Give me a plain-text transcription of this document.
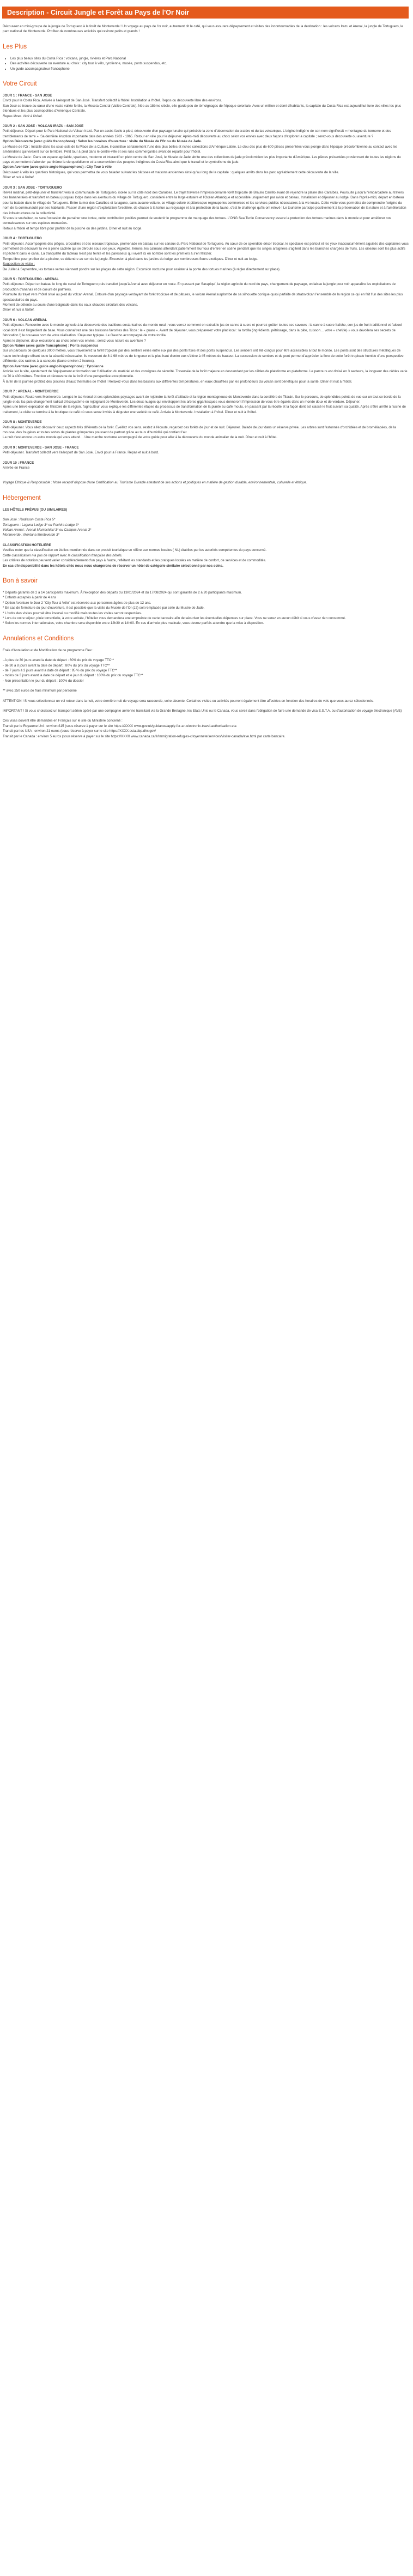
Description - Circuit Jungle et Forêt au Pays de l'Or Noir

Découvrez en mini-groupe de la jungle de Tortuguero à la forêt de Monteverde ! Un voyage au pays de l'or noir, autrement dit le café, qui vous assurera dépaysement et visites des incontournables de la destination : les volcans Irazu et Arenal, la jungle de Tortuguero, le parc national de Monteverde. Profitez de nombreuses activités qui raviront petits et grands !

Les Plus
• Les plus beaux sites du Costa Rica : volcans, jungle, rivières et Parc National
• Des activités découverte ou aventure au choix : city tour à vélo, tyrolienne, musée, ponts suspendus, etc.
• Un guide accompagnateur francophone
Votre Circuit

JOUR 1 : FRANCE - SAN JOSE

Envol pour le Costa Rica. Arrivée à l'aéroport de San José. Transfert collectif à l'hôtel. Installation à l'hôtel. Repos ou découverte libre des environs.

San José se trouve au cœur d'une vaste vallée fertile, la Meseta Central (Vallée Centrale). Née au 18ème siècle, elle garde peu de témoignages de l'époque coloniale. Avec un million et demi d'habitants, la capitale du Costa Rica est aujourd'hui l'une des villes les plus étendues et les plus cosmopolites d'Amérique Centrale.

Repas libres. Nuit à l'hôtel.

JOUR 2 : SAN JOSE - VOLCAN IRAZU - SAN JOSE

Petit déjeuner. Départ pour le Parc National du Volcan Irazú. Par un accès facile à pied, découverte d'un paysage lunaire qui précède la zone d'observation du cratère et du lac volcanique. L'origine indigène de son nom signifierait « montagne du tonnerre et des tremblements de terre ». Sa dernière éruption importante date des années 1963 - 1965. Retour en ville pour le déjeuner. Après-midi découverte au choix selon vos envies avec deux façons d'explorer la capitale ; serez-vous découverte ou aventure ?

Option Découverte (avec guide francophone) : Selon les horaires d'ouverture : visite du Musée de l'Or ou du Musée de Jade.

Le Musée de l'Or : Installé dans les sous-sols de la Place de la Culture, il constitue certainement l'une des plus belles et riches collections d'Amérique Latine. Le clou des plus de 600 pièces présentées vous plonge dans l'époque précolombienne au contact avec les amérindiens qui vivaient sur ce territoire. Petit tour à pied dans le centre-ville et ses rues commerçantes avant de repartir pour l'hôtel.

Le Musée de Jade : Dans un espace agréable, spacieux, moderne et interactif en plein centre de San José, le Musée de Jade abrite une des collections de jade précolombien les plus importante d'Amérique. Les pièces présentées proviennent de toutes les régions du pays et permettent d'aborder par thème la vie quotidienne et la cosmovision des peuples indigènes du Costa Rica ainsi que le travail et le symbolisme du jade.

Option Aventure (avec guide anglo-hispanophone) : City Tour à vélo

Découvrez à vélo les quartiers historiques, qui vous permettra de vous balader suivant les bâtisses et maisons anciennes ainsi qu'au long de la capitale : quelques arrêts dans les parc agréablement cette découverte de la ville.

Dîner et nuit à l'hôtel.

JOUR 3 : SAN JOSE - TORTUGUERO

Réveil matinal, petit-déjeuner et transfert vers la communauté de Tortuguero, isolée sur la côte nord des Caraïbes. Le trajet traverse l'impressionnante forêt tropicale de Braulio Carrillo avant de rejoindre la plaine des Caraïbes. Poursuite jusqu'à l'embarcadère au travers des bananeraies et transfert en bateau jusqu'au lodge dans les alentours du village de Tortuguero, considéré entre la large estuaire et l'Océan Atlantique et accessible uniquement par avion et bateau. Installation et déjeuner au lodge. Dans l'après-midi, départ en bateau pour la balade dans le village de Tortuguero. Entre la mer des Caraïbes et la lagune, sans aucune voiture, ce village coloré et pittoresque regroupe les commerces et les services publics nécessaires à la vie locale. Cette visite vous permettra de comprendre l'origine du nom de la communauté par ses habitants. Passer d'une région d'exploitation forestière, de chasse à la tortue au recyclage et à la protection de la faune, c'est le challenge qu'ils ont relevé ! Le tourisme participe positivement à la préservation de la nature et à l'amélioration des infrastructures de la collectivité.

Si vous le souhaitez, ce sera l'occasion de parrainer une tortue, cette contribution positive permet de soutenir le programme de marquage des tortues. L'ONG Sea Turtle Conservancy assure la protection des tortues marines dans le monde et pour améliorer nos connaissances sur ces espèces menacées.

Retour à l'hôtel et temps libre pour profiter de la piscine ou des jardins. Dîner et nuit au lodge.

JOUR 4 : TORTUGUERO

Petit-déjeuner. Accompagnés des piéges, crocodiles et des oiseaux tropicaux, promenade en bateau sur les canaux du Parc National de Tortuguero. Au cœur de ce splendide décor tropical, le spectacle est partout et les yeux inaccoutumément aiguisés des capitaines vous permettent de découvrir la vie à peine cachée qui se déroule sous vos yeux. Aigrettes, hérons, les caïmans attendant patiemment leur tour d'entrer en scène pendant que les singes araignées s'agitent dans les branches chargées de fruits. Les oiseaux sont les plus actifs et pêchent dans le canal. La tranquillité du tableau n'est pas feinte et les paresseux qui vivent ici en nombre sont les premiers à s'en féliciter.

Temps libre pour profiter de la piscine, se détendre au son de la jungle. Excursion à pied dans les jardins du lodge aux nombreuses fleurs exotiques. Dîner et nuit au lodge.

Suggestion de visite :

De Juillet à Septembre, les tortues vertes viennent pondre sur les plages de cette région. Excursion nocturne pour assister à la ponte des tortues marines (à régler directement sur place).

JOUR 5 : TORTUGUERO - ARENAL

Petit-déjeuner. Départ en bateau le long du canal de Tortuguero puis transfert jusqu'à Arenal avec déjeuner en route. En passant par Sarapiquí, la région agricole du nord du pays, changement de paysage, on laisse la jungle pour voir apparaître les exploitations de production d'ananas et de coeurs de palmiers.

Poursuite du trajet vers l'hôtel situé au pied du volcan Arenal. Entouré d'un paysage verdoyant de forêt tropicale et de pâtures, le volcan Arenal surplombe de sa silhouette conique quasi parfaite de stratovolcan l'ensemble de la région ce qui en fait l'un des sites les plus spectaculaires du pays.

Moment de détente au cours d'une baignade dans les eaux chaudes circulant des volcans.

Dîner et nuit à l'hôtel.

JOUR 6 : VOLCAN ARENAL

Petit-déjeuner. Rencontre avec le monde agricole à la découverte des traditions costaricaines du monde rural : vous verrez comment on extrait le jus de canne à sucre et pourrez goûter toutes ses saveurs : la canne à sucre fraîche, son jus de fruit traditionnel et l'alcool local dont il est l'ingrédient de base. Vous connaîtrez une des boissons favorites des Ticos : le « guaro ». Avant de déjeuner, vous préparerez votre plat local : la tortilla (ingrédients, pétrissage, dans la pâte, cuisson… votre « chef(fe) » vous dévoilera ses secrets de fabrication !) le nouveau nom de votre réalisation ! Déjeuner typique. Le Gaucho accompagné de votre tortilla.

Après le déjeuner, deux excursions au choix selon vos envies ; serez-vous nature ou aventure ?

Option Nature (avec guide francophone) : Ponts suspendus

Sur un parcours de quelques 3000 mètres, vous traverserez la forêt tropicale par des sentiers reliés entre eux par des ponts fixes et des ponts suspendus. Les sentiers ont été conçus pour être accessibles à tout le monde. Les ponts sont des structures métalliques de haute technologie offrant toute la sécurité nécessaire. Ils mesurent de 8 à 98 mètres de longueur et la plus haut d'entre eux s'élève à 45 mètres de hauteur. La succession de sentiers et de pont permet d'apprécier la flore de cette forêt tropicale humide d'une perspective différente, des racines à la canopée (faune environ 2 heures).

Option Aventure (avec guide anglo-hispanophone) : Tyrolienne

Arrivée sur le site, ajustement de l'équipement et formation sur l'utilisation du matériel et des consignes de sécurité. Traversée de la forêt majeure en descendant par les câbles de plateforme en plateforme. Le parcours est divisé en 3 secteurs, la longueur des câbles varie de 70 à 430 mètres. Émotion et découverte de la forêt d'une perspective exceptionnelle.

À la fin de la journée profitez des piscines d'eaux thermales de l'hôtel ! Relaxez-vous dans les bassins aux différentes températures, en eaux chauffées par les profondeurs du volcan sont bénéfiques pour la santé. Dîner et nuit à l'hôtel.

JOUR 7 : ARENAL - MONTEVERDE

Petit-déjeuner. Route vers Monteverde. Longez le lac Arenal et ses splendides paysages avant de rejoindre la forêt d'altitude et la région montagneuse de Monteverde dans la cordillère de Tilarán. Sur le parcours, de splendides points de vue sur un tout se borde de la jungle et du lac puis changement radical d'écosystème en rejoignant de Monteverde. Les deux nuages qui enveloppent les arbres gigantesques vous donneront l'impression de vous être égarés dans un monde doux et de verdure. Déjeuner.

Après une brève explication de l'histoire de la région, l'agriculteur vous explique les différentes étapes du processus de transformation de la plante au café moulu, en passant par la récolte et la façon dont est classé le fruit suivant sa qualité. Après s'être arrêté à l'usine de traitement, la visite se termine à la boutique de café où vous serez invités à déguster une variété de café. Arrivée à Monteverde. Installation à l'hôtel. Dîner et nuit à l'hôtel.

JOUR 8 : MONTEVERDE

Petit-déjeuner. Vous allez découvrir deux aspects très différents de la forêt. Éveillez vos sens, restez à l'écoute, regardez ces forêts de jour et de nuit. Déjeuner. Balade de jour dans un réserve privée. Les arbres sont festonnés d'orchidées et de broméliacées, de la mousse, des fougères et toutes sortes de plantes grimpantes poussent de partout grâce au taux d'humidité qui contient l'air.

La nuit c'est encore un autre monde qui vous attend… Une marche nocturne accompagné de votre guide pour aller à la découverte du monde animalier de la nuit. Dîner et nuit à l'hôtel.

JOUR 9 : MONTEVERDE - SAN JOSE - FRANCE

Petit-déjeuner. Transfert collectif vers l'aéroport de San José. Envol pour la France. Repas et nuit à bord.

JOUR 10 : FRANCE

Arrivée en France

Voyage Ethique & Responsable : Notre receptif dispose d'une Certification au Tourisme Durable attestant de ses actions et politiques en matière de gestion durable, environnementale, culturelle et éthique.

Hébergement

LES HÔTELS PRÉVUS (OU SIMILAIRES)

San José : Radisson Costa Rica 5*

Tortuguero : Laguna Lodge 3* ou Pachira Lodge 3*

Volcan Arenal : Arenal Montechiari 3* ou Campos Arenal 3*

Monteverde : Montana Monteverde 3*

CLASSIFICATION HOTELIÈRE

Veuillez noter que la classification en étoiles mentionnée dans ce produit touristique se réfère aux normes locales ( NL) établies par les autorités compétentes du pays concerné.

Cette classification n'a pas de rapport avec la classification française des hôtels.

Les critères de notation peuvent varier considérablement d'un pays à l'autre, reflétant les standards et les pratiques locales en matière de confort, de services et de commodités.

En cas d'indisponibilité dans les hôtels cités nous nous chargerons de réserver un hôtel de catégorie similaire sélectionné par nos soins.

Bon à savoir

* Départs garantis de 2 à 14 participants maximum. À l'exception des départs du 13/01/2024 et du 17/08/2024 qui sont garantis de 2 à 20 participants maximum.

* Enfants acceptés à partir de 4 ans

* Option Aventure le Jour 2 "City Tour à Vélo" est réservée aux personnes âgées de plus de 12 ans.

* En cas de fermeture du jour d'ouverture, il est possible que la visite du Musée de l'Or (J2) soit remplacée par celle du Musée de Jade.

* L'ordre des visites pourrait être inversé ou modifié mais toutes les visites seront respectées.

* Lors de votre séjour, pluie torrentielle, à votre arrivée, l'hôtelier vous demandera une empreinte de carte bancaire afin de sécuriser les éventuelles dépenses sur place. Vous ne serez en aucun débit si vous n'avez rien consommé.

* Selon les normes internationales, votre chambre sera disponible entre 12h30 et 14h00. En cas d'arrivée plus matinale, vous devrez parfois attendre que la mise à disposition.

Annulations et Conditions

Frais d'Annulation et de Modification de ce programme Flex :

- A plus de 30 jours avant la date de départ : 60% du prix du voyage TTC**

- de 30 à 8 jours avant la date de départ : 80% du prix du voyage TTC**

- de 7 jours à 3 jours avant la date de départ : 95 % du prix du voyage TTC**

- moins de 3 jours avant la date de départ et le jour du départ : 100% du prix du voyage TTC**

- Non présentation le jour du départ : 100% du dossier

** avec 250 euros de frais minimum par personne

ATTENTION ! Si vous sélectionnez un vol retour dans la nuit, votre dernière nuit de voyage sera raccourcie, voire absente. Certaines visites ou activités pourront également être affectées en fonction des horaires de vols que vous aurez sélectionnés.

IMPORTANT ! Si vous choisissez un transport aérien opéré par une compagnie aérienne transitant via la Grande Bretagne, les Etats Unis ou le Canada, vous serez dans l'obligation de faire une demande de visa E.S.T.A. ou d'autorisation de voyage électronique (AVE)

Ces visas doivent être demandés en Français sur le site du Ministère concerné :

Transit par le Royaume Uni : environ £15 (sous réserve à payer sur le site https://XXXX www.gov.uk/guidance/apply-for-an-electronic-travel-authorisation-eta

Transit par les USA : environ 21 euros (sous réserve à payer sur le site https://XXXX.esta.cbp.dhs.gov/

Transit par le Canada : environ 5 euros (sous réserve à payer sur le site https://XXXX www.canada.ca/fr/immigration-refugies-citoyennete/services/visiter-canada/ave.html par carte bancaire.
